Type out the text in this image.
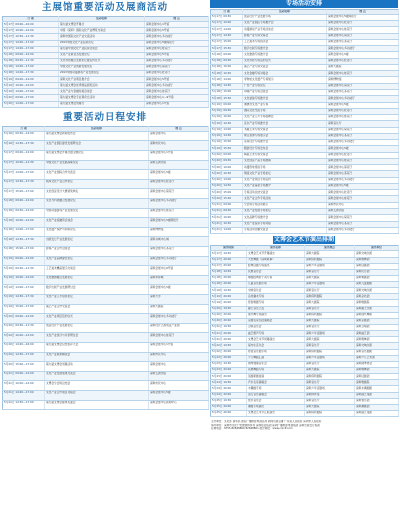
主展馆重要活动及展商活动
日 期	活动名称	地 点
5月17日 09:00—10:00	第九届文博会开幕式	深圳会展中心1号馆
5月17日 10:00—12:00	中国（深圳）国际文化产业博览交易会	深圳会展中心5号馆
5月17日 10:30—11:30	深圳市国际文化产业交流活动	深圳会展中心多功能厅
5月17日 14:00—17:00	2013中国文化产业投资论坛	深圳会展中心5楼简报厅
5月17日 14:00—17:00	第九届中国文化产业投资洽谈会	深圳会展中心桂花厅
5月18日 09:00—12:00	文化产业新业态发展论坛	深圳会展中心5号馆
5月18日 09:30—11:30	文化科技融合发展论坛暨签约仪式	深圳会展中心多功能厅
5月18日 14:00—17:00	中国文化产业创新发展论坛	深圳会展中心菊花厅
5月18日 14:00—17:30	2013中国动漫游戏产业发展论坛	深圳会展中心牡丹厅
5月19日 09:00—12:00	深圳文化产业项目推介会	深圳会展中心5号馆
5月19日 10:00—12:00	第九届文博会优秀展品颁奖活动	深圳会展中心多功能厅
5月19日 14:00—17:00	文化产业与金融对接洽谈会	深圳会展中心桂花厅
5月20日 09:00—17:00	第九届文博会专业观众日活动	深圳会展中心1—9号馆
5月20日 14:00—17:00	第九届文博会闭幕式	深圳会展中心1号馆
重要活动日程安排
日 期	活动名称	地 点
5月16日 09:30—12:00	第九届文博会新闻发布会	深圳会展中心
5月16日 14:30—17:30	文化产业园区建设发展研讨会	深圳市民中心
5月17日 09:00—12:00	第九届文博会开幕式暨主题论坛	深圳会展中心1号馆
5月17日 10:00—11:30	中国文化产业发展高峰论坛	深圳五洲宾馆
5月17日 14:00—17:00	文化产业国际合作交流会	深圳会展中心5楼
5月17日 14:30—17:30	两岸文化产业合作论坛	深圳会展中心牡丹厅
5月17日 15:00—17:00	文化创意设计大赛颁奖典礼	深圳会展中心菊花厅
5月18日 09:00—12:00	文化与科技融合发展论坛	深圳会展中心多功能厅
5月18日 09:30—12:00	中国动漫游戏产业发展论坛	深圳会展中心桂花厅
5月18日 10:00—12:00	文化产业投融资洽谈会	深圳会展中心5楼简报厅
5月18日 14:00—17:00	文化遗产保护与利用论坛	深圳博物馆
5月18日 14:30—17:30	出版发行产业发展论坛	深圳书城中心城
5月18日 15:00—17:00	影视产业合作洽谈会	深圳会展中心茶花厅
5月19日 09:00—12:00	文化产业品牌建设论坛	深圳会展中心多功能厅
5月19日 09:30—11:30	工艺美术精品展示交易会	深圳会展中心6号馆
5月19日 10:00—12:00	文化旅游融合发展论坛	深圳华侨城
5月19日 14:00—17:00	数字出版产业发展研讨会	深圳会展中心5楼
5月19日 14:30—17:30	文化产业人才培养论坛	深圳大学
5月19日 15:00—17:00	演艺产业合作交流会	深圳大剧院
5月20日 09:00—12:00	文化产业项目签约仪式	深圳会展中心多功能厅
5月20日 09:30—11:30	创意设计产业发展论坛	深圳设计之都创意产业园
5月20日 10:00—12:00	文化产业统计与评价研讨会	深圳会展中心桂花厅
5月20日 14:00—16:00	第九届文博会总结表彰大会	深圳会展中心1号馆
5月20日 14:30—17:00	文化产业政策解读会	深圳市民中心
5月20日 15:00—17:00	第九届文博会闭幕活动	深圳会展中心
5月21日 09:00—12:00	文化产业发展成果交流会	深圳五洲宾馆
5月21日 10:00—12:00	文博会分会场总结会	深圳市民中心
5月21日 14:00—17:00	文化产业合作项目对接会	深圳会展中心5楼
5月21日 14:30—17:00	第九届文博会媒体见面会	深圳会展中心新闻中心
专场活动安排
日 期	活动名称	地 点
5月17日 09:30	创意设计产业发展专场	深圳会展中心5楼简报厅
5月17日 10:00	文化产业园区专场推介会	深圳会展中心牡丹厅
5月17日 14:00	动漫游戏产业专场洽谈会	深圳会展中心桂花厅
5月17日 14:30	影视产业专场交易会	深圳会展中心菊花厅
5月17日 15:00	工艺美术专场拍卖会	深圳会展中心茶花厅
5月17日 15:30	数字出版专场推介会	深圳会展中心多功能厅
5月18日 09:00	文化旅游专场推介会	深圳会展中心5楼
5月18日 09:30	文化科技专场签约仪式	深圳会展中心牡丹厅
5月18日 10:00	演艺产业专场交流会	深圳大剧院
5月18日 10:30	文化金融专场对接会	深圳会展中心桂花厅
5月18日 14:00	非物质文化遗产专场展示	深圳博物馆
5月18日 14:30	广告产业专场论坛	深圳会展中心菊花厅
5月18日 15:00	印刷产业专场洽谈会	深圳会展中心茶花厅
5月18日 15:30	文化装备专场推介会	深圳会展中心多功能厅
5月19日 09:00	港澳台文化产业专场	深圳会展中心5楼
5月19日 09:30	国际文化交流专场	深圳会展中心牡丹厅
5月19日 10:00	文化产业人才专场招聘会	深圳会展中心桂花厅
5月19日 10:30	音乐产业专场推介会	深圳音乐厅
5月19日 14:00	书画艺术专场交易会	深圳会展中心菊花厅
5月19日 14:30	珠宝首饰专场展示会	深圳会展中心茶花厅
5月19日 15:00	家具设计专场推介会	深圳会展中心多功能厅
5月19日 15:30	服装设计专场发布会	深圳会展中心5楼
5月20日 09:00	陶瓷艺术专场交易会	深圳会展中心牡丹厅
5月20日 09:30	文化创意产品专场展销	深圳会展中心桂花厅
5月20日 10:00	动漫形象授权专场	深圳会展中心菊花厅
5月20日 10:30	网络文化产业专场论坛	深圳会展中心茶花厅
5月20日 14:00	文化产业项目专场签约	深圳会展中心多功能厅
5月20日 14:30	文化产业基金专场推介	深圳会展中心5楼
5月20日 15:00	专场活动总结交流会	深圳会展中心牡丹厅
5月20日 15:30	文化产业合作专场洽谈	深圳会展中心桂花厅
5月21日 09:00	分会场专场活动展示	深圳市民中心
5月21日 09:30	文化产业发展专场论坛	深圳五洲宾馆
5月21日 10:00	文化品牌专场推介会	深圳会展中心菊花厅
5月21日 10:30	文化产业投资专场对接	深圳会展中心茶花厅
5月21日 14:00	专场活动闭幕交流会	深圳会展中心多功能厅
文博会艺术节演出排期
演出时间	演出名称	演出地点	演出单位
5月17日 19:30	文博会艺术节开幕演出	深圳大剧院	深圳交响乐团
5月17日 20:00	大型舞剧《深圳故事》	深圳保利剧院	深圳歌舞团
5月17日 20:00	经典话剧专场演出	深圳少年宫剧场	深圳话剧团
5月18日 19:30	民族音乐会	深圳音乐厅	深圳民乐团
5月18日 20:00	粤剧经典折子戏专场	深圳大剧院	深圳粤剧团
5月18日 20:00	儿童音乐剧专场	深圳少年宫剧场	深圳儿童剧团
5月19日 19:30	交响音乐会	深圳音乐厅	深圳交响乐团
5月19日 20:00	杂技魔术专场	深圳保利剧院	深圳杂技团
5月19日 20:00	原创歌剧专场	深圳大剧院	深圳歌剧院
5月20日 19:30	爵士音乐之夜	深圳音乐厅	深圳爵士乐团
5月20日 20:00	现代舞专场演出	深圳保利剧院	深圳现代舞团
5月20日 20:00	京剧名家名段演唱会	深圳大剧院	深圳京剧团
5月21日 19:30	合唱音乐会	深圳音乐厅	深圳合唱团
5月21日 20:00	曲艺相声专场	深圳少年宫剧场	深圳曲艺团
5月21日 20:00	文博会艺术节闭幕演出	深圳大剧院	深圳歌舞团
5月22日 19:30	室内乐音乐会	深圳音乐厅	深圳交响乐团
5月22日 20:00	原创音乐剧专场	深圳保利剧院	深圳音乐剧团
5月22日 20:00	少儿舞蹈汇演	深圳少年宫剧场	深圳少儿艺术团
5月23日 19:30	钢琴独奏音乐会	深圳音乐厅	深圳钢琴协会
5月23日 20:00	民族舞蹈专场	深圳大剧院	深圳歌舞团
5月23日 20:00	话剧新剧首演	深圳保利剧院	深圳话剧团
5月24日 19:30	声乐名家演唱会	深圳音乐厅	深圳歌剧院
5月24日 20:00	木偶剧专场	深圳少年宫剧场	深圳木偶剧团
5月24日 20:00	流行音乐演唱会	深圳体育馆	深圳演艺集团
5月25日 19:30	管乐音乐会	深圳音乐厅	深圳管乐团
5月25日 20:00	潮剧专场演出	深圳大剧院	深圳潮剧团
5月25日 20:00	文博会艺术节汇报演出	深圳保利剧院	深圳演艺集团

主办单位：文化部 商务部 国家广播电影电视总局 新闻出版总署 广东省人民政府 深圳市人民政府

承办单位：深圳市文化广电旅游体育局 深圳报业集团 深圳广播电影电视集团 深圳出版发行集团

咨询电话：0755-82848800 82848801 展会网址：www.cnicif.com
